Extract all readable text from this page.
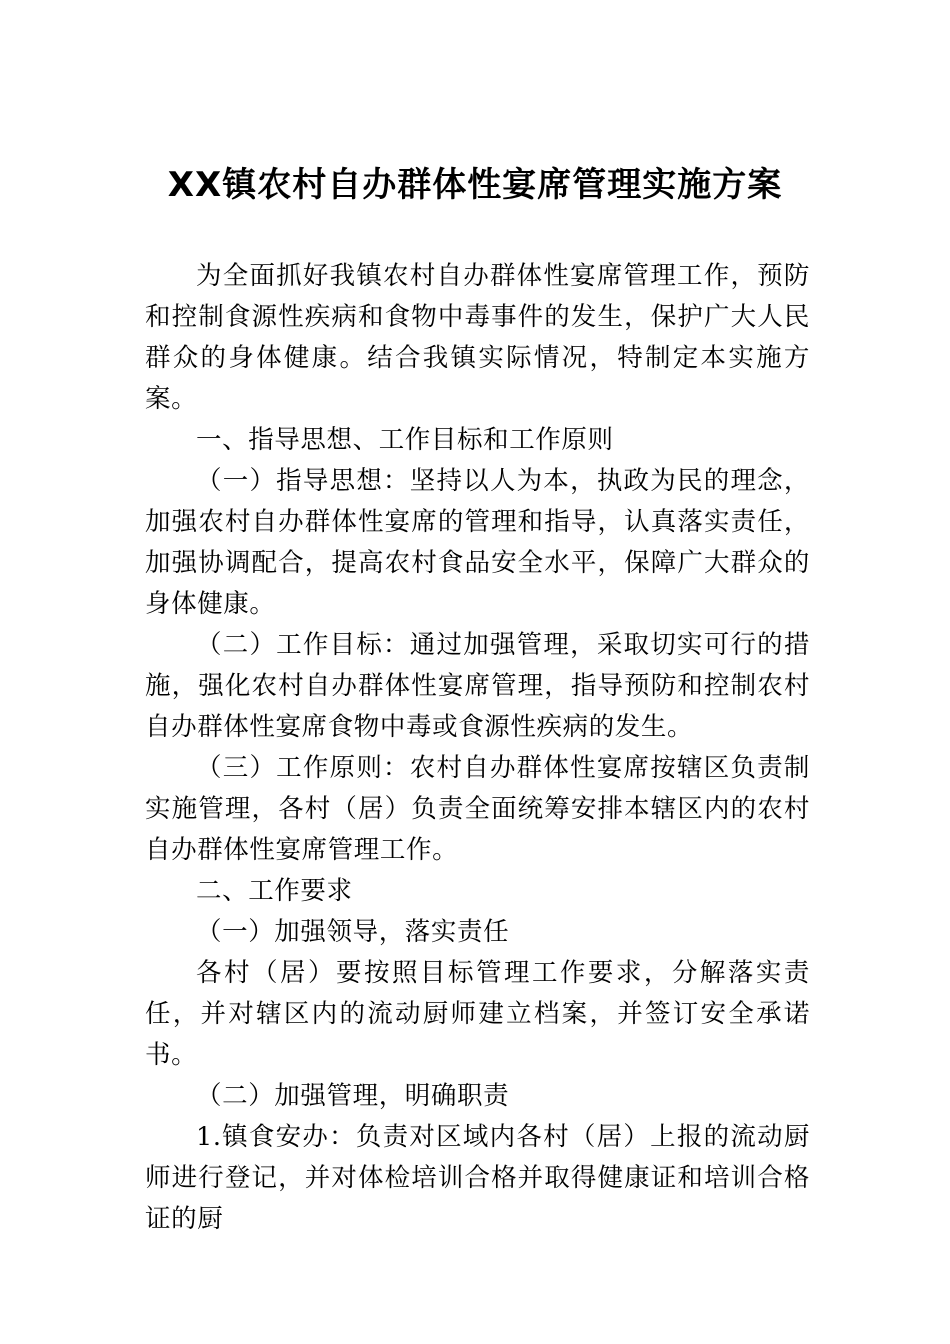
XX镇农村自办群体性宴席管理实施方案

为全面抓好我镇农村自办群体性宴席管理工作，预防和控制食源性疾病和食物中毒事件的发生，保护广大人民群众的身体健康。结合我镇实际情况，特制定本实施方案。

一、指导思想、工作目标和工作原则

（一）指导思想：坚持以人为本，执政为民的理念，加强农村自办群体性宴席的管理和指导，认真落实责任，加强协调配合，提高农村食品安全水平，保障广大群众的身体健康。

（二）工作目标：通过加强管理，采取切实可行的措施，强化农村自办群体性宴席管理，指导预防和控制农村自办群体性宴席食物中毒或食源性疾病的发生。

（三）工作原则：农村自办群体性宴席按辖区负责制实施管理，各村（居）负责全面统筹安排本辖区内的农村自办群体性宴席管理工作。

二、工作要求

（一）加强领导，落实责任

各村（居）要按照目标管理工作要求，分解落实责任，并对辖区内的流动厨师建立档案，并签订安全承诺书。

（二）加强管理，明确职责

1.镇食安办：负责对区域内各村（居）上报的流动厨师进行登记，并对体检培训合格并取得健康证和培训合格证的厨
